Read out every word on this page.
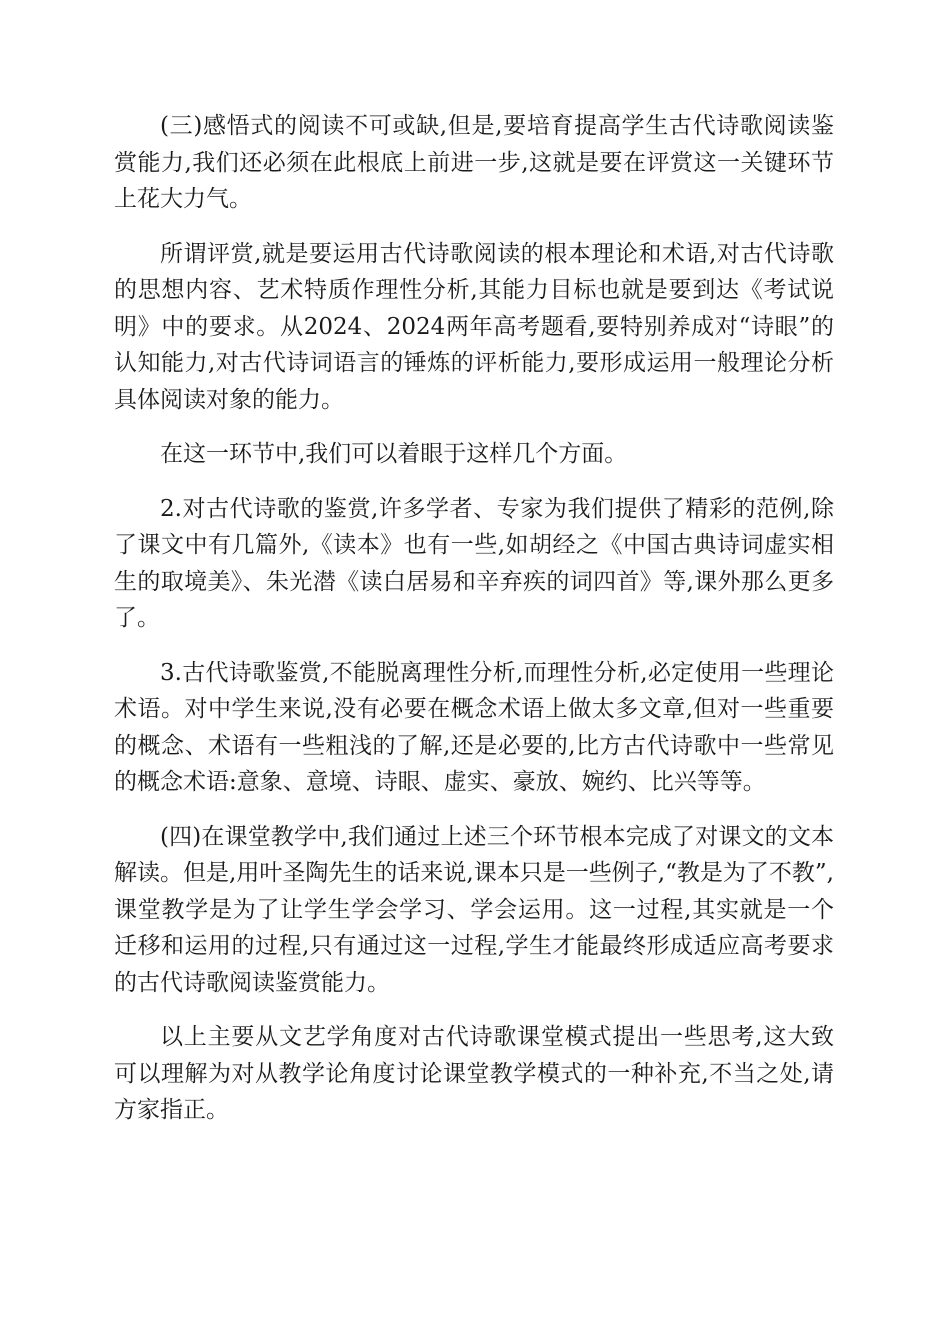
(三)感悟式的阅读不可或缺,但是,要培育提高学生古代诗歌阅读鉴赏能力,我们还必须在此根底上前进一步,这就是要在评赏这一关键环节上花大力气。

所谓评赏,就是要运用古代诗歌阅读的根本理论和术语,对古代诗歌的思想内容、艺术特质作理性分析,其能力目标也就是要到达《考试说明》中的要求。从2024、2024两年高考题看,要特别养成对“诗眼”的认知能力,对古代诗词语言的锤炼的评析能力,要形成运用一般理论分析具体阅读对象的能力。

在这一环节中,我们可以着眼于这样几个方面。

2.对古代诗歌的鉴赏,许多学者、专家为我们提供了精彩的范例,除了课文中有几篇外,《读本》也有一些,如胡经之《中国古典诗词虚实相生的取境美》、朱光潜《读白居易和辛弃疾的词四首》等,课外那么更多了。

3.古代诗歌鉴赏,不能脱离理性分析,而理性分析,必定使用一些理论术语。对中学生来说,没有必要在概念术语上做太多文章,但对一些重要的概念、术语有一些粗浅的了解,还是必要的,比方古代诗歌中一些常见的概念术语:意象、意境、诗眼、虚实、豪放、婉约、比兴等等。

(四)在课堂教学中,我们通过上述三个环节根本完成了对课文的文本解读。但是,用叶圣陶先生的话来说,课本只是一些例子,“教是为了不教”,课堂教学是为了让学生学会学习、学会运用。这一过程,其实就是一个迁移和运用的过程,只有通过这一过程,学生才能最终形成适应高考要求的古代诗歌阅读鉴赏能力。

以上主要从文艺学角度对古代诗歌课堂模式提出一些思考,这大致可以理解为对从教学论角度讨论课堂教学模式的一种补充,不当之处,请方家指正。
